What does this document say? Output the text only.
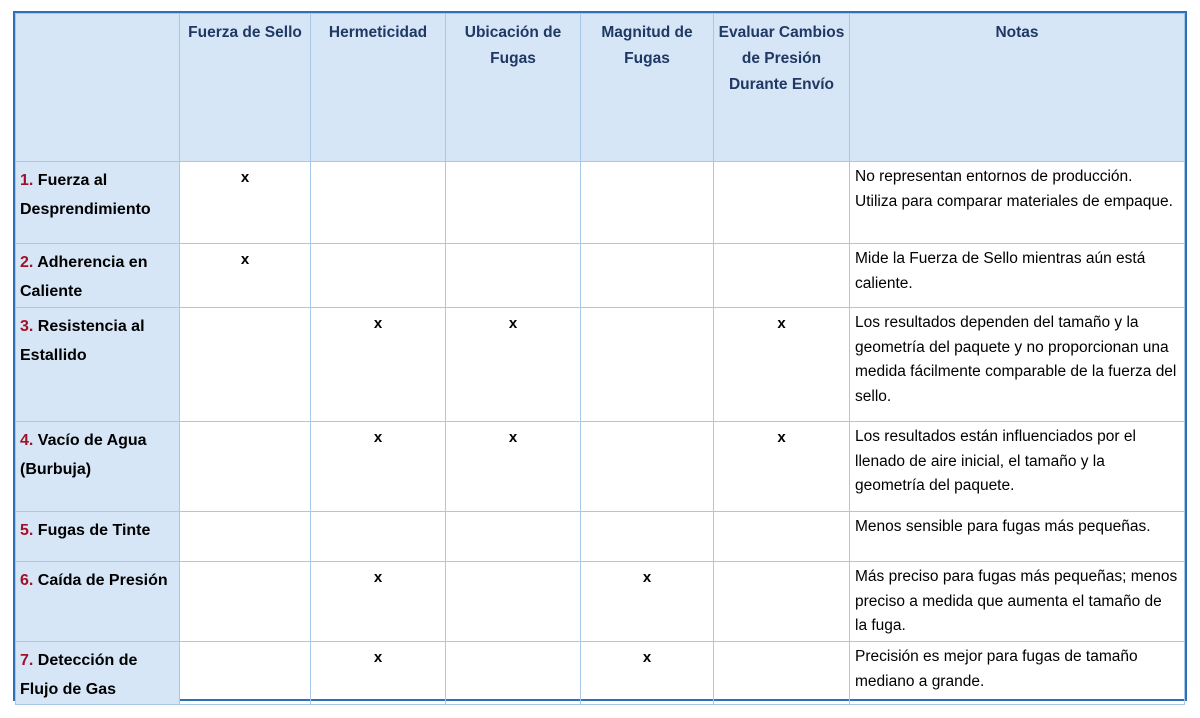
	Fuerza de Sello	Hermeticidad	Ubicación de Fugas	Magnitud de Fugas	Evaluar Cambios de Presión Durante Envío	Notas
1. Fuerza al Desprendimiento	x					No representan entornos de producción. Utiliza para comparar materiales de empaque.
2. Adherencia en Caliente	x					Mide la Fuerza de Sello mientras aún está caliente.
3. Resistencia al Estallido		x	x		x	Los resultados dependen del tamaño y la geometría del paquete y no proporcionan una medida fácilmente comparable de la fuerza del sello.
4. Vacío de Agua (Burbuja)		x	x		x	Los resultados están influenciados por el llenado de aire inicial, el tamaño y la geometría del paquete.
5. Fugas de Tinte						Menos sensible para fugas más pequeñas.
6. Caída de Presión		x		x		Más preciso para fugas más pequeñas; menos preciso a medida que aumenta el tamaño de la fuga.
7. Detección de Flujo de Gas		x		x		Precisión es mejor para fugas de tamaño mediano a grande.
